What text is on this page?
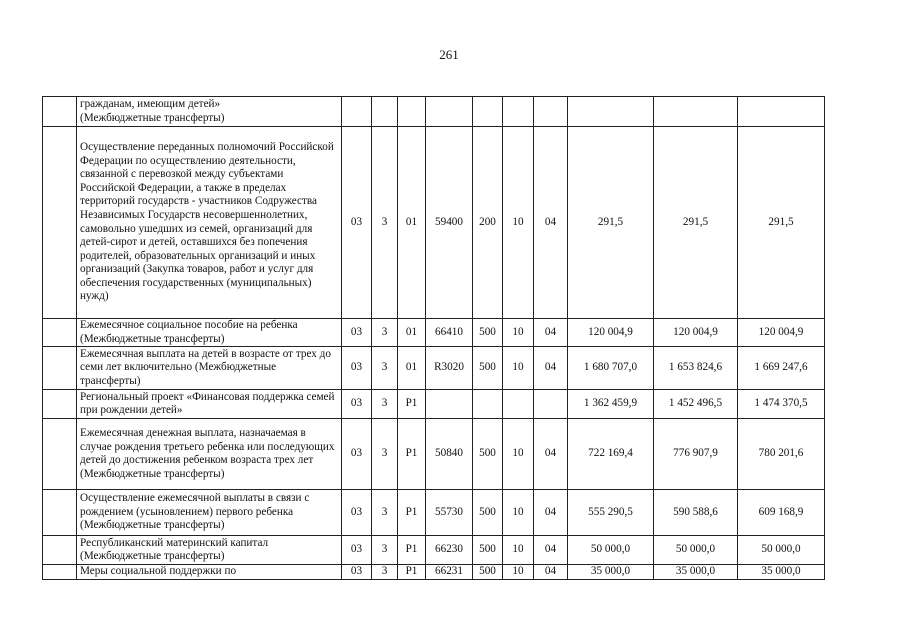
261
	гражданам, имеющим детей»
(Межбюджетные трансферты)										
	Осуществление переданных полномочий Российской Федерации по осуществлению деятельности, связанной с перевозкой между субъектами Российской Федерации, а также в пределах территорий государств - участников Содружества Независимых Государств несовершеннолетних, самовольно ушедших из семей, организаций для детей-сирот и детей, оставшихся без попечения родителей, образовательных организаций и иных организаций (Закупка товаров, работ и услуг для обеспечения государственных (муниципальных) нужд)	03	3	01	59400	200	10	04	291,5	291,5	291,5
	Ежемесячное социальное пособие на ребенка (Межбюджетные трансферты)	03	3	01	66410	500	10	04	120 004,9	120 004,9	120 004,9
	Ежемесячная выплата на детей в возрасте от трех до семи лет включительно (Межбюджетные трансферты)	03	3	01	R3020	500	10	04	1 680 707,0	1 653 824,6	1 669 247,6
	Региональный проект «Финансовая поддержка семей при рождении детей»	03	3	P1					1 362 459,9	1 452 496,5	1 474 370,5
	Ежемесячная денежная выплата, назначаемая в случае рождения третьего ребенка или последующих детей до достижения ребенком возраста трех лет (Межбюджетные трансферты)	03	3	P1	50840	500	10	04	722 169,4	776 907,9	780 201,6
	Осуществление ежемесячной выплаты в связи с рождением (усыновлением) первого ребенка (Межбюджетные трансферты)	03	3	P1	55730	500	10	04	555 290,5	590 588,6	609 168,9
	Республиканский материнский капитал (Межбюджетные трансферты)	03	3	P1	66230	500	10	04	50 000,0	50 000,0	50 000,0
	Меры социальной поддержки по	03	3	P1	66231	500	10	04	35 000,0	35 000,0	35 000,0
